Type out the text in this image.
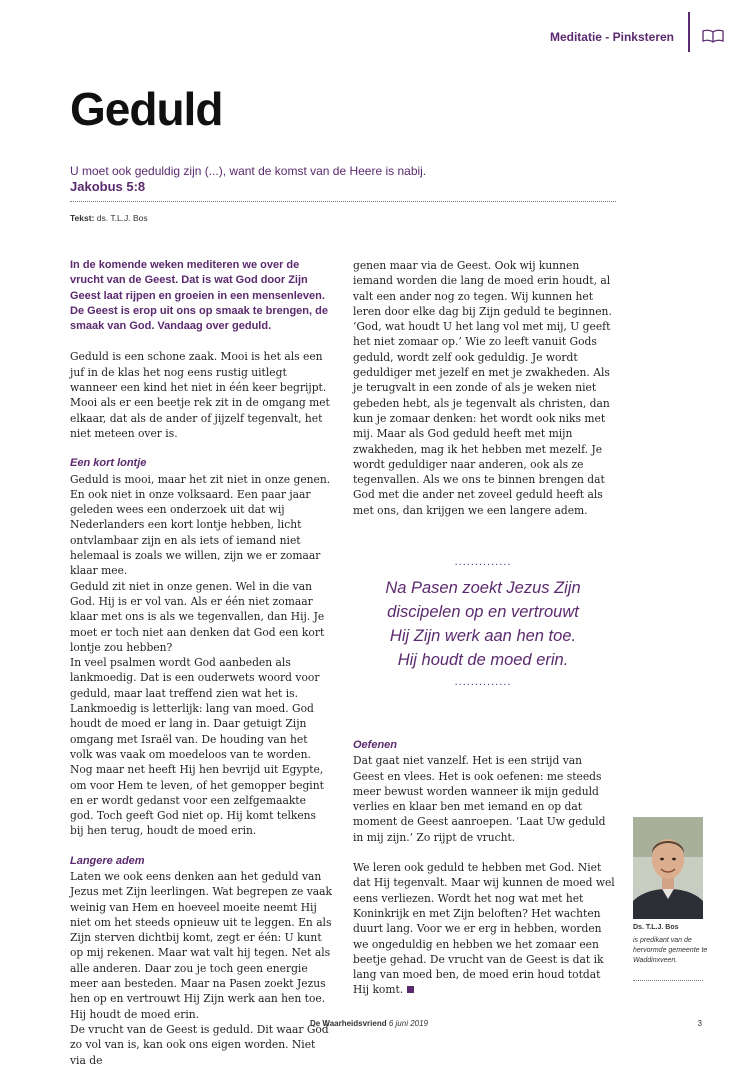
Meditatie - Pinksteren
Geduld
U moet ook geduldig zijn (...), want de komst van de Heere is nabij.
Jakobus 5:8
Tekst: ds. T.L.J. Bos

In de komende weken mediteren we over de vrucht van de Geest. Dat is wat God door Zijn Geest laat rijpen en groeien in een mensenleven. De Geest is erop uit ons op smaak te brengen, de smaak van God. Vandaag over geduld.

Geduld is een schone zaak. Mooi is het als een juf in de klas het nog eens rustig uitlegt wanneer een kind het niet in één keer begrijpt. Mooi als er een beetje rek zit in de omgang met elkaar, dat als de ander of jijzelf tegenvalt, het niet meteen over is.

Een kort lontje

Geduld is mooi, maar het zit niet in onze genen. En ook niet in onze volksaard. Een paar jaar geleden wees een onderzoek uit dat wij Nederlanders een kort lontje hebben, licht ontvlambaar zijn en als iets of iemand niet helemaal is zoals we willen, zijn we er zomaar klaar mee.

Geduld zit niet in onze genen. Wel in die van God. Hij is er vol van. Als er één niet zomaar klaar met ons is als we tegenvallen, dan Hij. Je moet er toch niet aan denken dat God een kort lontje zou hebben?

In veel psalmen wordt God aanbeden als lankmoedig. Dat is een ouderwets woord voor geduld, maar laat treffend zien wat het is. Lankmoedig is letterlijk: lang van moed. God houdt de moed er lang in. Daar getuigt Zijn omgang met Israël van. De houding van het volk was vaak om moedeloos van te worden. Nog maar net heeft Hij hen bevrijd uit Egypte, om voor Hem te leven, of het gemopper begint en er wordt gedanst voor een zelfgemaakte god. Toch geeft God niet op. Hij komt telkens bij hen terug, houdt de moed erin.

Langere adem

Laten we ook eens denken aan het geduld van Jezus met Zijn leerlingen. Wat begrepen ze vaak weinig van Hem en hoeveel moeite neemt Hij niet om het steeds opnieuw uit te leggen. En als Zijn sterven dichtbij komt, zegt er één: U kunt op mij rekenen. Maar wat valt hij tegen. Net als alle anderen. Daar zou je toch geen energie meer aan besteden. Maar na Pasen zoekt Jezus hen op en vertrouwt Hij Zijn werk aan hen toe. Hij houdt de moed erin.

De vrucht van de Geest is geduld. Dit waar God zo vol van is, kan ook ons eigen worden. Niet via de

genen maar via de Geest. Ook wij kunnen iemand worden die lang de moed erin houdt, al valt een ander nog zo tegen. Wij kunnen het leren door elke dag bij Zijn geduld te beginnen. ‘God, wat houdt U het lang vol met mij, U geeft het niet zomaar op.’ Wie zo leeft vanuit Gods geduld, wordt zelf ook geduldig. Je wordt geduldiger met jezelf en met je zwakheden. Als je terugvalt in een zonde of als je weken niet gebeden hebt, als je tegenvalt als christen, dan kun je zomaar denken: het wordt ook niks met mij. Maar als God geduld heeft met mijn zwakheden, mag ik het hebben met mezelf. Je wordt geduldiger naar anderen, ook als ze tegenvallen. Als we ons te binnen brengen dat God met die ander net zoveel geduld heeft als met ons, dan krijgen we een langere adem.

..............
Na Pasen zoekt Jezus Zijn
discipelen op en vertrouwt
Hij Zijn werk aan hen toe.
Hij houdt de moed erin.
..............

Oefenen

Dat gaat niet vanzelf. Het is een strijd van Geest en vlees. Het is ook oefenen: me steeds meer bewust worden wanneer ik mijn geduld verlies en klaar ben met iemand en op dat moment de Geest aanroepen. ‘Laat Uw geduld in mij zijn.’ Zo rijpt de vrucht.

We leren ook geduld te hebben met God. Niet dat Hij tegenvalt. Maar wij kunnen de moed wel eens verliezen. Wordt het nog wat met het Koninkrijk en met Zijn beloften? Het wachten duurt lang. Voor we er erg in hebben, worden we ongeduldig en hebben we het zomaar een beetje gehad. De vrucht van de Geest is dat ik lang van moed ben, de moed erin houd totdat Hij komt.

Ds. T.L.J. Bos
is predikant van de hervormde gemeente te Waddinxveen.
De Waarheidsvriend 6 juni 2019	3
